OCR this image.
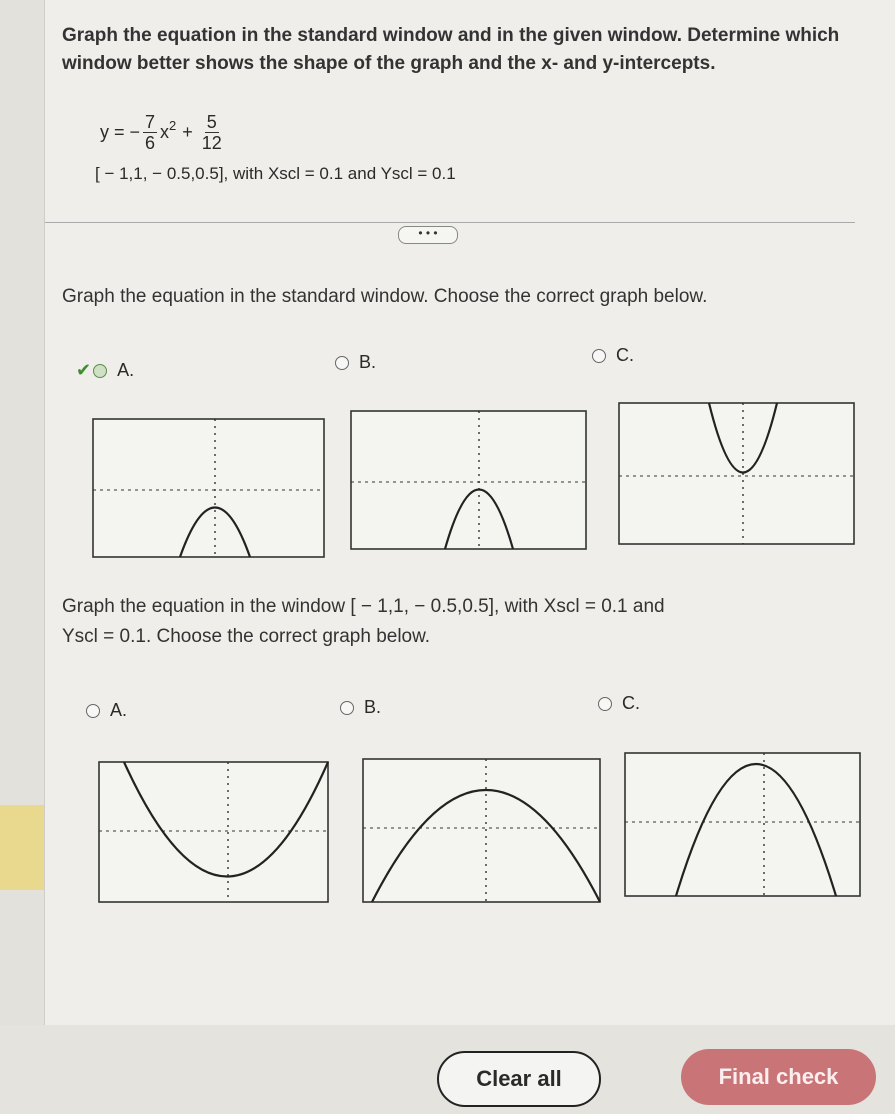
Graph the equation in the standard window and in the given window. Determine which window better shows the shape of the graph and the x- and y-intercepts.
y = − $\frac{7}{6} x^2 + \frac{5}{12}$
[ − 1,1, − 0.5,0.5], with Xscl = 0.1 and Yscl = 0.1
• • •
Graph the equation in the standard window. Choose the correct graph below.
✔ A.	B.	C.
Graph the equation in the window [ − 1,1, − 0.5,0.5], with Xscl = 0.1 and
Yscl = 0.1. Choose the correct graph below.
A.	B.	C.
Clear all	Final check
